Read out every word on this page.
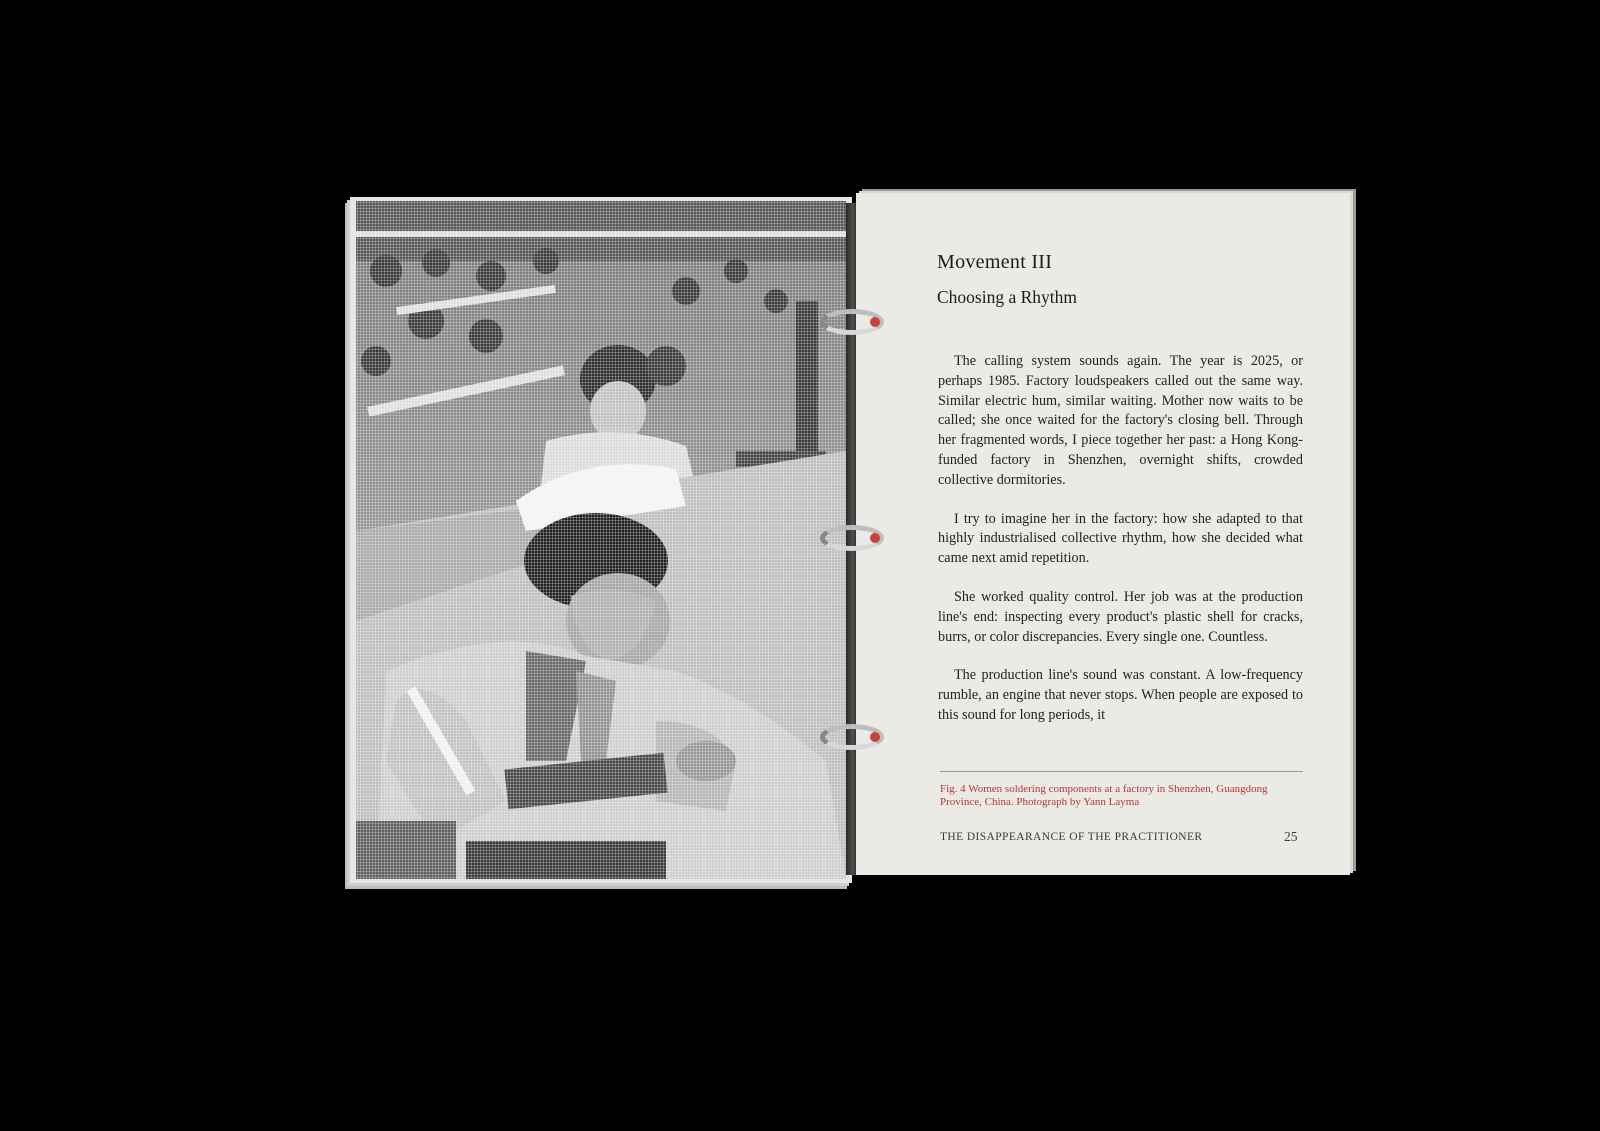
Movement III
Choosing a Rhythm

The calling system sounds again. The year is 2025, or perhaps 1985. Factory loudspeakers called out the same way. Similar electric hum, similar waiting. Mother now waits to be called; she once waited for the factory's closing bell. Through her fragmented words, I piece together her past: a Hong Kong-funded factory in Shenzhen, overnight shifts, crowded collective dormitories.

I try to imagine her in the factory: how she adapted to that highly industrialised collective rhythm, how she decided what came next amid repetition.

She worked quality control. Her job was at the production line's end: inspecting every product's plastic shell for cracks, burrs, or color discrepancies. Every single one. Countless.

The production line's sound was constant. A low-frequency rumble, an engine that never stops. When people are exposed to this sound for long periods, it

Fig. 4 Women soldering components at a factory in Shenzhen, Guangdong Province, China. Photograph by Yann Layma
THE DISAPPEARANCE OF THE PRACTITIONER	25
